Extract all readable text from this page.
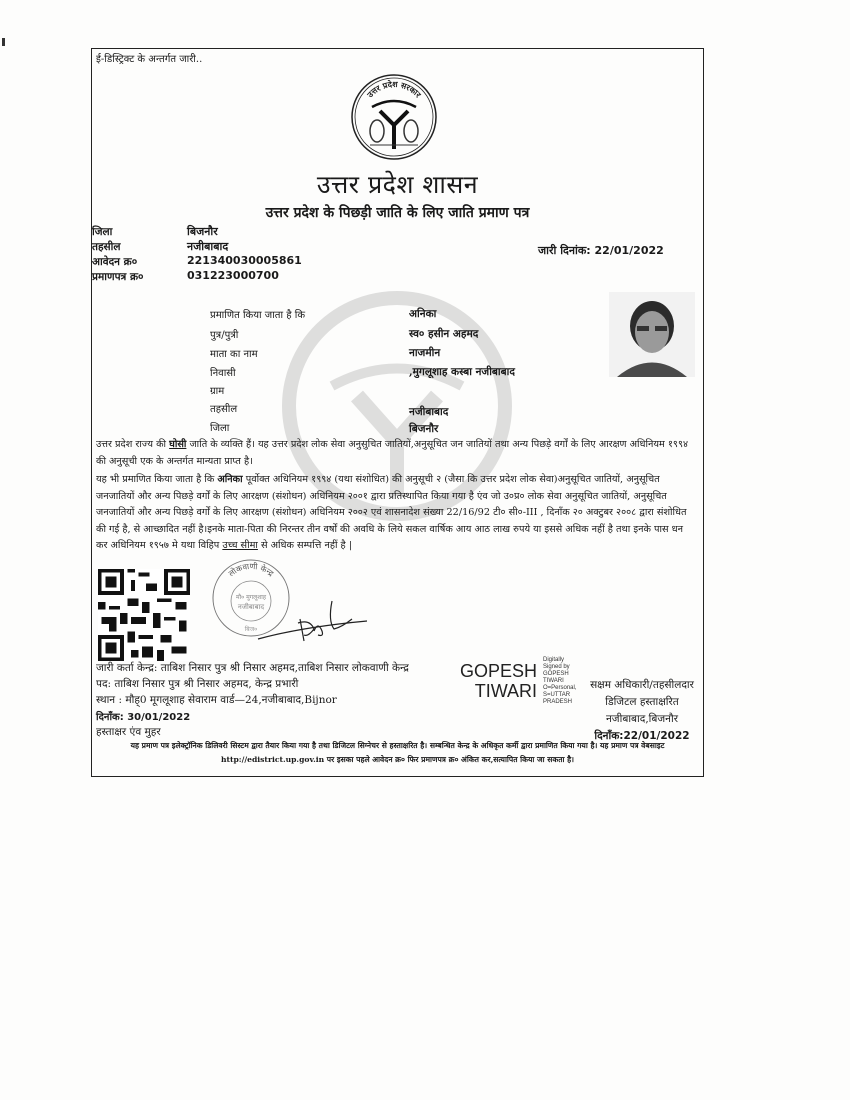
ई-डिस्ट्रिक्ट के अन्तर्गत जारी..
उत्तर प्रदेश सरकार
उत्तर प्रदेश शासन
उत्तर प्रदेश के पिछड़ी जाति के लिए जाति प्रमाण पत्र
जिला	बिजनौर
तहसील	नजीबाबाद
आवेदन क्र०	221340030005861
प्रमाणपत्र क्र०	031223000700
जारी दिनांक: 22/01/2022
प्रमाणित किया जाता है कि	अनिका
पुत्र/पुत्री	स्व० हसीन अहमद
माता का नाम	नाजमीन
निवासी	,मुगलूशाह कस्बा नजीबाबाद
ग्राम
तहसील	नजीबाबाद
जिला	बिजनौर
उत्तर प्रदेश राज्य की घोसी जाति के व्यक्ति हैं। यह उत्तर प्रदेश लोक सेवा अनुसुचित जातियों,अनुसूचित जन जातियों तथा अन्य पिछड़े वर्गों के लिए आरक्षण अधिनियम १९९४ की अनुसूची एक के अन्तर्गत मान्यता प्राप्त है।
यह भी प्रमाणित किया जाता है कि अनिका पूर्वोक्त अधिनियम १९९४ (यथा संशोधित) की अनुसूची २ (जैसा कि उत्तर प्रदेश लोक सेवा)अनुसूचित जातियों, अनुसूचित जनजातियों और अन्य पिछड़े वर्गों के लिए आरक्षण (संशोधन) अधिनियम २००१ द्वारा प्रतिस्थापित किया गया है एंव जो उ०प्र० लोक सेवा अनुसूचित जातियों, अनुसूचित जनजातियों और अन्य पिछड़े वर्गों के लिए आरक्षण (संशोधन) अधिनियम २००२ एवं शासनादेश संख्या 22/16/92 टी० सी०-III , दिनाँक २० अक्टुबर २००८ द्वारा संशोधित की गई है, से आच्छादित नहीं है।इनके माता-पिता की निरन्तर तीन वर्षों की अवधि के लिये सकल वार्षिक आय आठ लाख रुपये या इससे अधिक नहीं है तथा इनके पास धन कर अधिनियम १९५७ मे यथा विहिप उच्च सीमा से अधिक सम्पत्ति नहीं है |
लोकवाणी केन्द्र
मौ० मुगलूशाह
नजीबाबाद
बिज०
जारी कर्ता केन्द्र: ताबिश निसार पुत्र श्री निसार अहमद,ताबिश निसार लोकवाणी केन्द्र
पद: ताबिश निसार पुत्र श्री निसार अहमद, केन्द्र प्रभारी
स्थान : मौह्0 मूगलूशाह सेवाराम वार्ड—24,नजीबाबाद,Bijnor
दिनाँक: 30/01/2022
हस्ताक्षर एंव मुहर
GOPESH
TIWARI
Digitally
Signed by
GOPESH
TIWARI
O=Personal,
S=UTTAR
PRADESH
सक्षम अधिकारी/तहसीलदार
डिजिटल हस्ताक्षरित
नजीबाबाद,बिजनौर
दिनाँक:22/01/2022
यह प्रमाण पत्र इलेक्ट्रॉनिक डिलिवरी सिस्टम द्वारा तैयार किया गया है तथा डिजिटल सिग्नेचर से हस्ताक्षरित है। सम्बन्धित केन्द्र के अधिकृत कर्मी द्वारा प्रमाणित किया गया है। यह प्रमाण पत्र वेबसाइट http://edistrict.up.gov.in पर इसका पहले आवेदन क्र० फिर प्रमाणपत्र क्र० अंकित कर,सत्यापित किया जा सकता है।
